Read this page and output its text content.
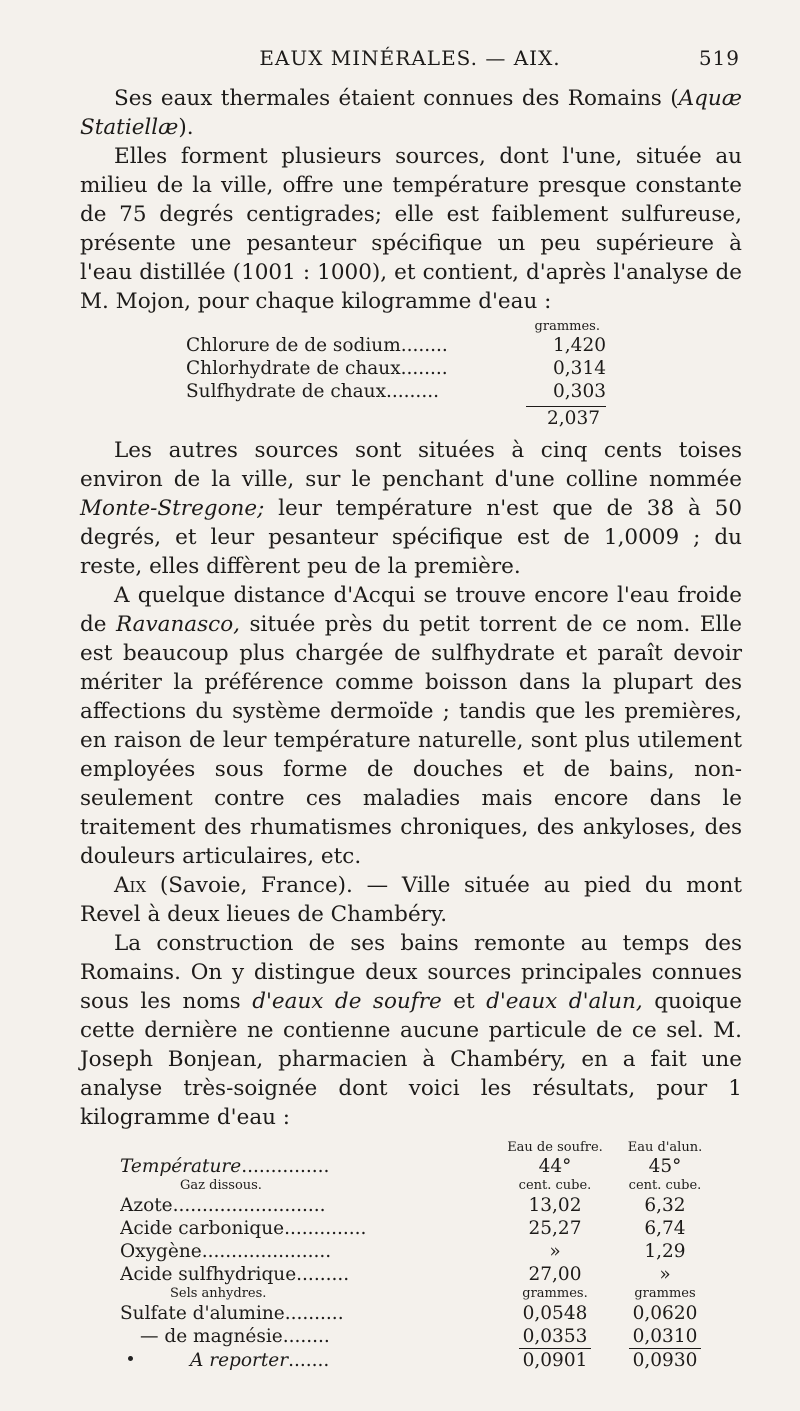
EAUX MINÉRALES. — AIX.	519

Ses eaux thermales étaient connues des Romains (Aquæ Statiellæ).

Elles forment plusieurs sources, dont l'une, située au milieu de la ville, offre une température presque constante de 75 degrés centigrades; elle est faiblement sulfureuse, présente une pesanteur spécifique un peu supérieure à l'eau distillée (1001 : 1000), et contient, d'après l'analyse de M. Mojon, pour chaque kilogramme d'eau :

grammes.
Chlorure de de sodium........	1,420
Chlorhydrate de chaux........	0,314
Sulfhydrate de chaux.........	0,303
2,037

Les autres sources sont situées à cinq cents toises environ de la ville, sur le penchant d'une colline nommée Monte-Stregone; leur température n'est que de 38 à 50 degrés, et leur pesanteur spécifique est de 1,0009 ; du reste, elles diffèrent peu de la première.

A quelque distance d'Acqui se trouve encore l'eau froide de Ravanasco, située près du petit torrent de ce nom. Elle est beaucoup plus chargée de sulfhydrate et paraît devoir mériter la préférence comme boisson dans la plupart des affections du système dermoïde ; tandis que les premières, en raison de leur température naturelle, sont plus utilement employées sous forme de douches et de bains, non-seulement contre ces maladies mais encore dans le traitement des rhumatismes chroniques, des ankyloses, des douleurs articulaires, etc.

Aix (Savoie, France). — Ville située au pied du mont Revel à deux lieues de Chambéry.

La construction de ses bains remonte au temps des Romains. On y distingue deux sources principales connues sous les noms d'eaux de soufre et d'eaux d'alun, quoique cette dernière ne contienne aucune particule de ce sel. M. Joseph Bonjean, pharmacien à Chambéry, en a fait une analyse très-soignée dont voici les résultats, pour 1 kilogramme d'eau :

Eau de soufre.	Eau d'alun.
Température...............	44°	45°
Gaz dissous.	cent. cube.	cent. cube.
Azote..........................	13,02	6,32
Acide carbonique..............	25,27	6,74
Oxygène......................	»	1,29
Acide sulfhydrique.........	27,00	»
Sels anhydres.	grammes.	grammes
Sulfate d'alumine..........	0,0548	0,0620
— de magnésie........	0,0353	0,0310
A reporter.......	0,0901	0,0930
